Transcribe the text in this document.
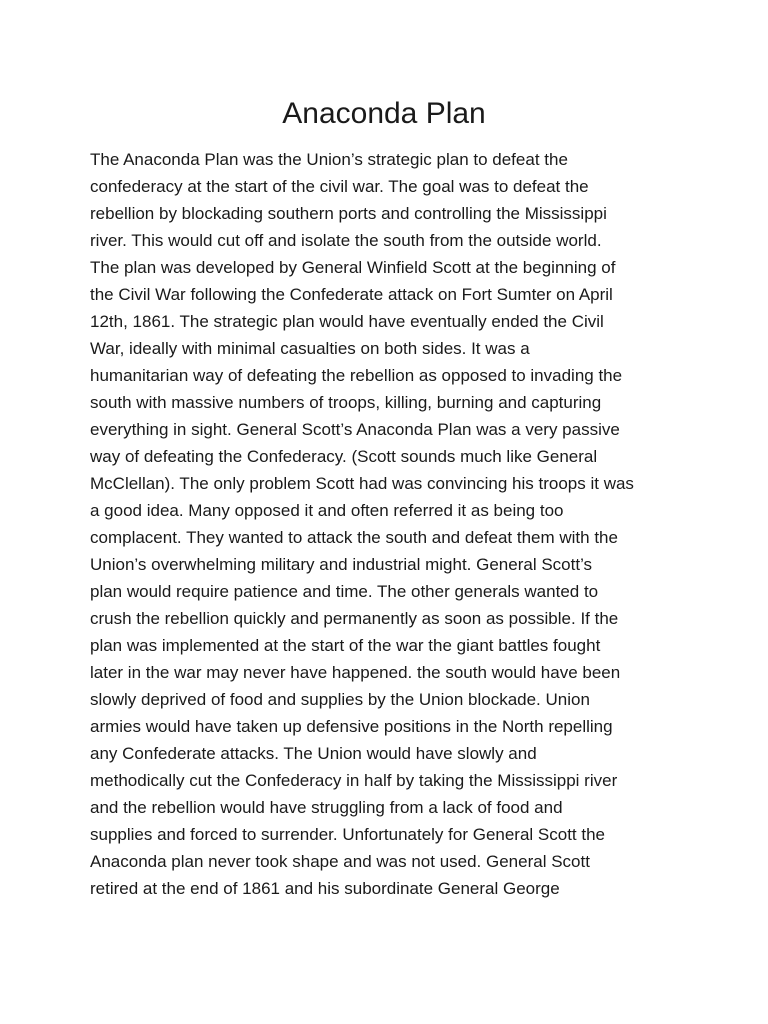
Anaconda Plan
The Anaconda Plan was the Union’s strategic plan to defeat the
confederacy at the start of the civil war. The goal was to defeat the
rebellion by blockading southern ports and controlling the Mississippi
river. This would cut off and isolate the south from the outside world.
The plan was developed by General Winfield Scott at the beginning of
the Civil War following the Confederate attack on Fort Sumter on April
12th, 1861. The strategic plan would have eventually ended the Civil
War, ideally with minimal casualties on both sides. It was a
humanitarian way of defeating the rebellion as opposed to invading the
south with massive numbers of troops, killing, burning and capturing
everything in sight. General Scott’s Anaconda Plan was a very passive
way of defeating the Confederacy. (Scott sounds much like General
McClellan). The only problem Scott had was convincing his troops it was
a good idea. Many opposed it and often referred it as being too
complacent. They wanted to attack the south and defeat them with the
Union’s overwhelming military and industrial might. General Scott’s
plan would require patience and time. The other generals wanted to
crush the rebellion quickly and permanently as soon as possible. If the
plan was implemented at the start of the war the giant battles fought
later in the war may never have happened. the south would have been
slowly deprived of food and supplies by the Union blockade. Union
armies would have taken up defensive positions in the North repelling
any Confederate attacks. The Union would have slowly and
methodically cut the Confederacy in half by taking the Mississippi river
and the rebellion would have struggling from a lack of food and
supplies and forced to surrender. Unfortunately for General Scott the
Anaconda plan never took shape and was not used. General Scott
retired at the end of 1861 and his subordinate General George
